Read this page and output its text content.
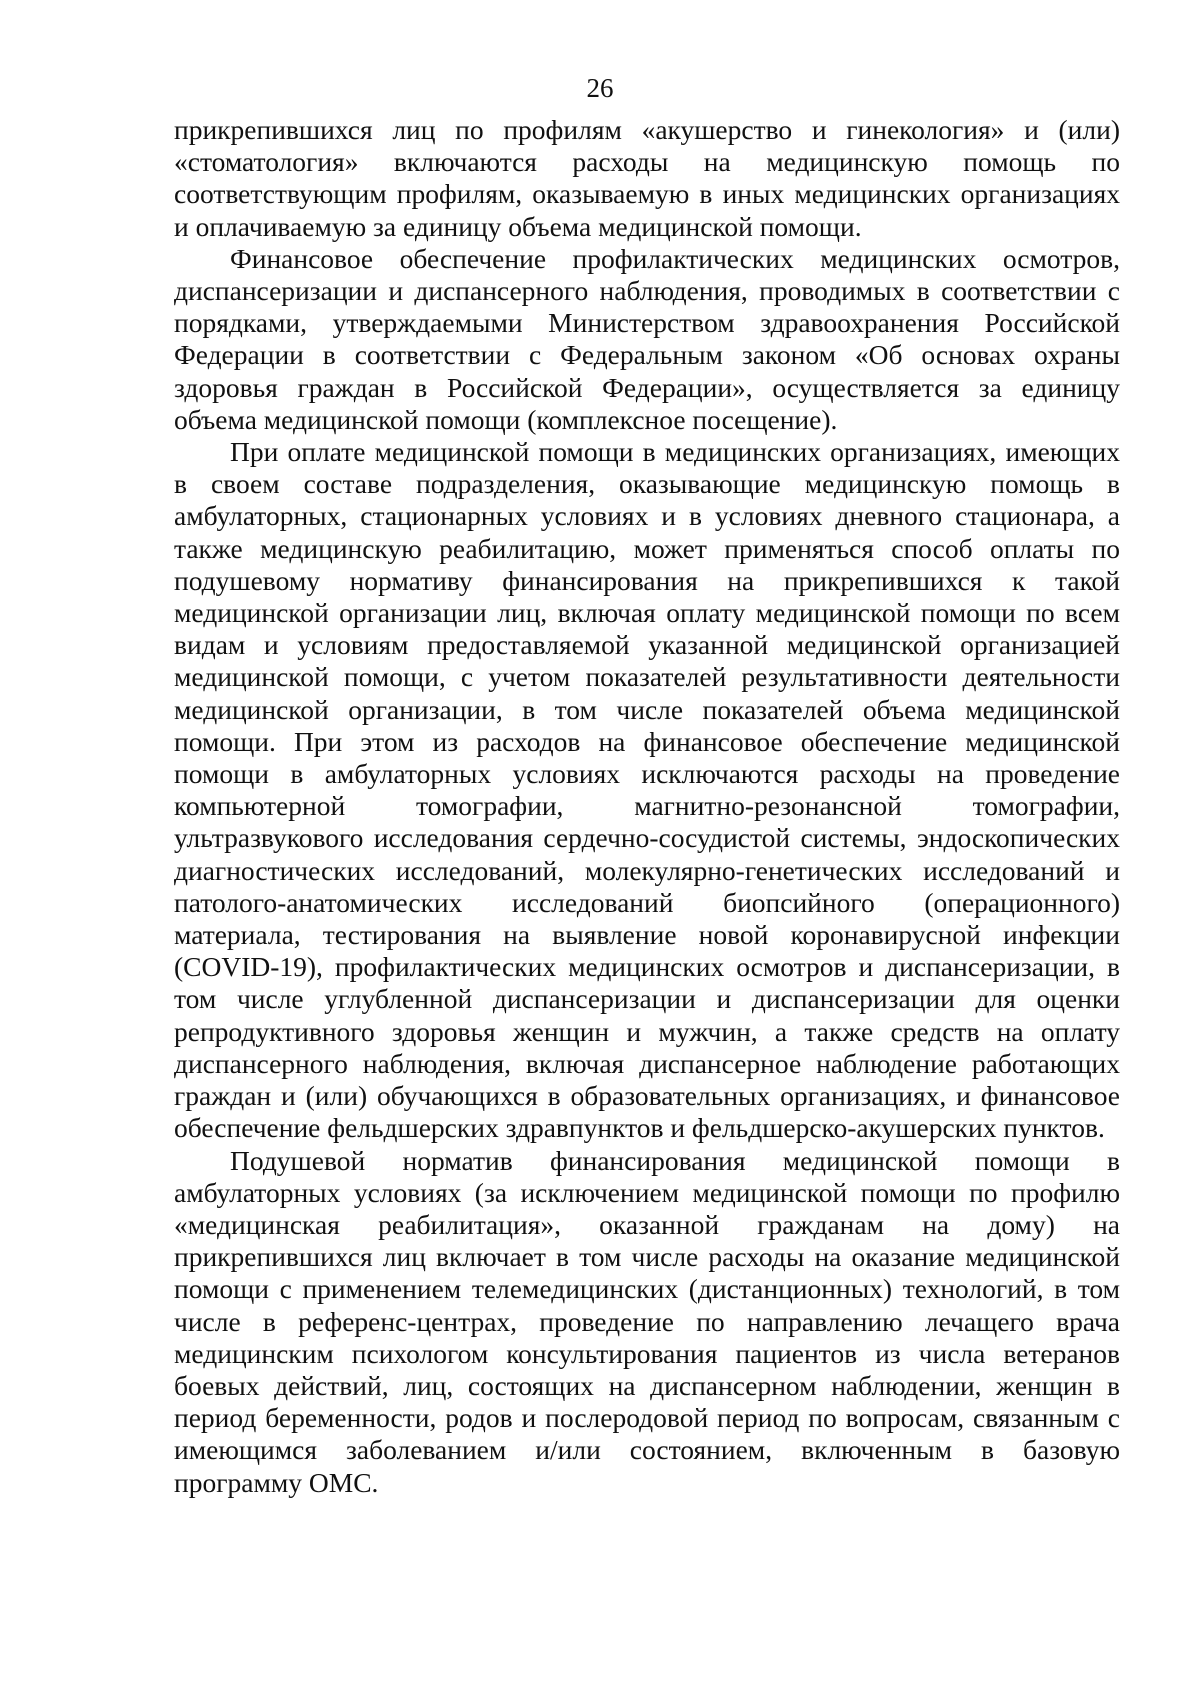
26

прикрепившихся лиц по профилям «акушерство и гинекология» и (или) «стоматология» включаются расходы на медицинскую помощь по соответствующим профилям, оказываемую в иных медицинских организациях и оплачиваемую за единицу объема медицинской помощи.

Финансовое обеспечение профилактических медицинских осмотров, диспансеризации и диспансерного наблюдения, проводимых в соответствии с порядками, утверждаемыми Министерством здравоохранения Российской Федерации в соответствии с Федеральным законом «Об основах охраны здоровья граждан в Российской Федерации», осуществляется за единицу объема медицинской помощи (комплексное посещение).

При оплате медицинской помощи в медицинских организациях, имеющих в своем составе подразделения, оказывающие медицинскую помощь в амбулаторных, стационарных условиях и в условиях дневного стационара, а также медицинскую реабилитацию, может применяться способ оплаты по подушевому нормативу финансирования на прикрепившихся к такой медицинской организации лиц, включая оплату медицинской помощи по всем видам и условиям предоставляемой указанной медицинской организацией медицинской помощи, с учетом показателей результативности деятельности медицинской организации, в том числе показателей объема медицинской помощи. При этом из расходов на финансовое обеспечение медицинской помощи в амбулаторных условиях исключаются расходы на проведение компьютерной томографии, магнитно-резонансной томографии, ультразвукового исследования сердечно-сосудистой системы, эндоскопических диагностических исследований, молекулярно-генетических исследований и патолого-анатомических исследований биопсийного (операционного) материала, тестирования на выявление новой коронавирусной инфекции (COVID-19), профилактических медицинских осмотров и диспансеризации, в том числе углубленной диспансеризации и диспансеризации для оценки репродуктивного здоровья женщин и мужчин, а также средств на оплату диспансерного наблюдения, включая диспансерное наблюдение работающих граждан и (или) обучающихся в образовательных организациях, и финансовое обеспечение фельдшерских здравпунктов и фельдшерско-акушерских пунктов.

Подушевой норматив финансирования медицинской помощи в амбулаторных условиях (за исключением медицинской помощи по профилю «медицинская реабилитация», оказанной гражданам на дому) на прикрепившихся лиц включает в том числе расходы на оказание медицинской помощи с применением телемедицинских (дистанционных) технологий, в том числе в референс-центрах, проведение по направлению лечащего врача медицинским психологом консультирования пациентов из числа ветеранов боевых действий, лиц, состоящих на диспансерном наблюдении, женщин в период беременности, родов и послеродовой период по вопросам, связанным с имеющимся заболеванием и/или состоянием, включенным в базовую программу ОМС.
